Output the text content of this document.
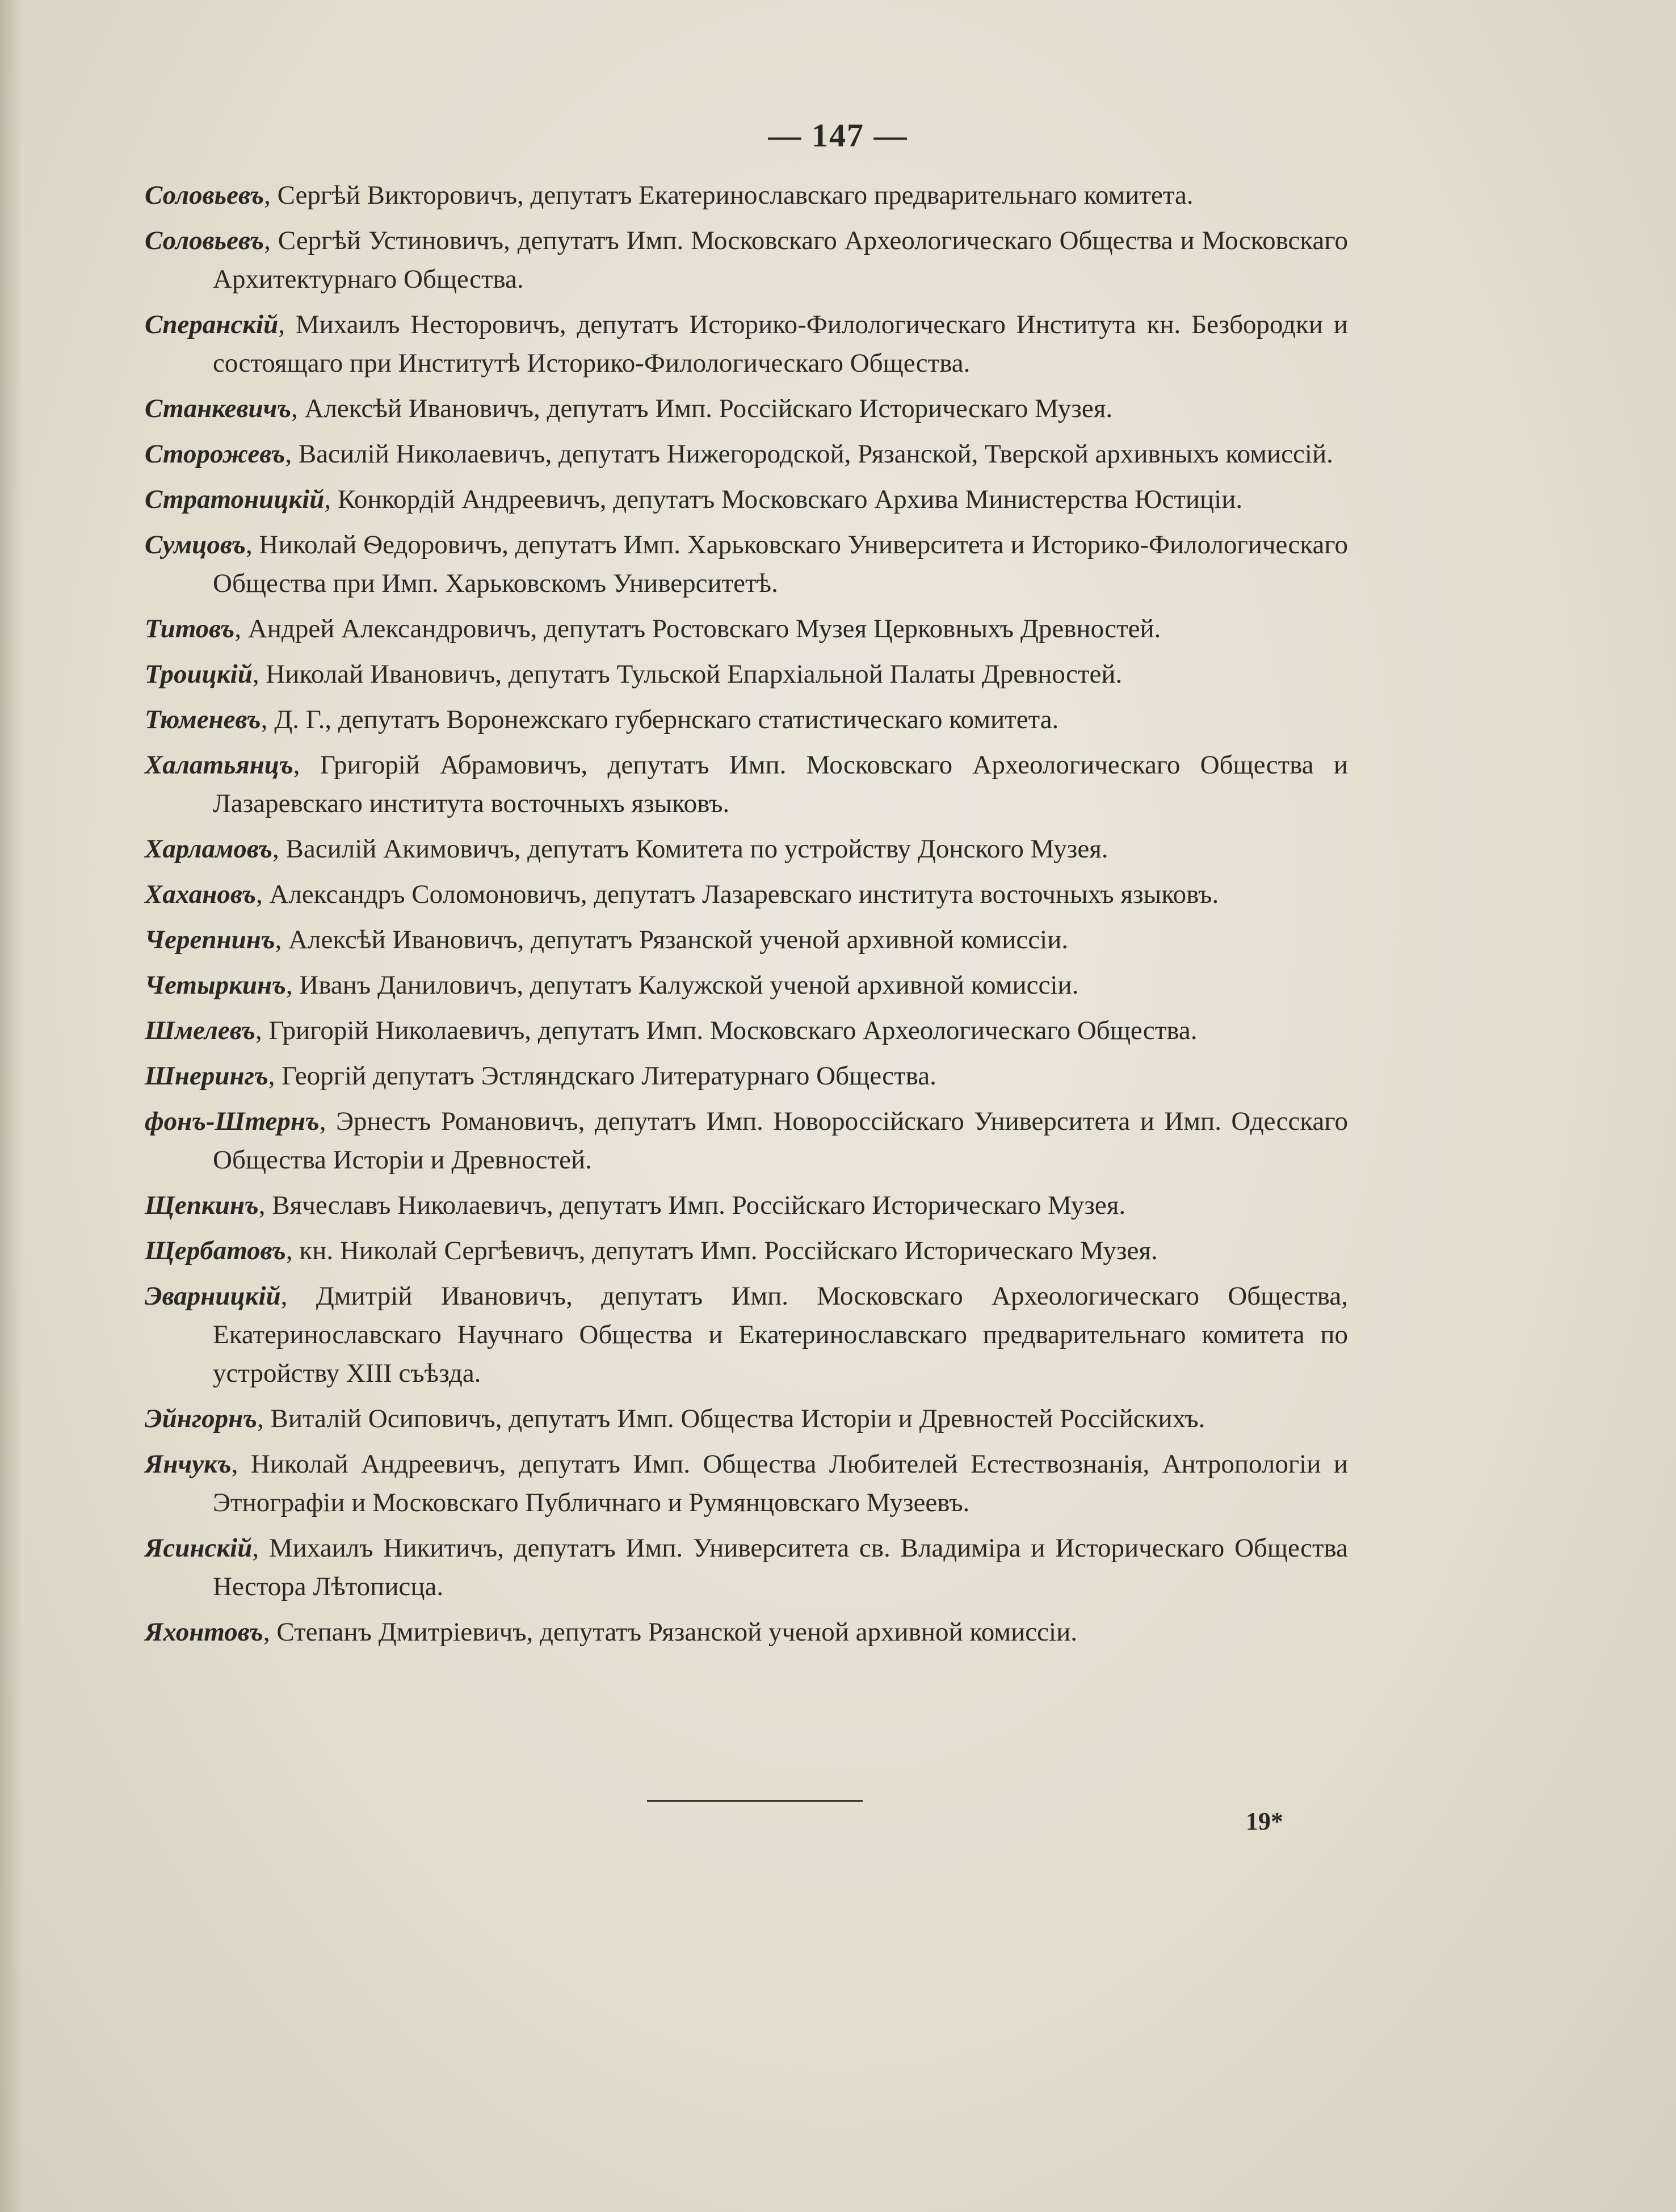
— 147 —

Соловьевъ, Сергѣй Викторовичъ, депутатъ Екатеринославскаго предварительнаго комитета.

Соловьевъ, Сергѣй Устиновичъ, депутатъ Имп. Московскаго Археологическаго Общества и Московскаго Архитектурнаго Общества.

Сперанскій, Михаилъ Несторовичъ, депутатъ Историко-Филологическаго Института кн. Безбородки и состоящаго при Институтѣ Историко-Филологическаго Общества.

Станкевичъ, Алексѣй Ивановичъ, депутатъ Имп. Россійскаго Историческаго Музея.

Сторожевъ, Василій Николаевичъ, депутатъ Нижегородской, Рязанской, Тверской архивныхъ комиссій.

Стратоницкій, Конкордій Андреевичъ, депутатъ Московскаго Архива Министерства Юстиціи.

Сумцовъ, Николай Ѳедоровичъ, депутатъ Имп. Харьковскаго Университета и Историко-Филологическаго Общества при Имп. Харьковскомъ Университетѣ.

Титовъ, Андрей Александровичъ, депутатъ Ростовскаго Музея Церковныхъ Древностей.

Троицкій, Николай Ивановичъ, депутатъ Тульской Епархіальной Палаты Древностей.

Тюменевъ, Д. Г., депутатъ Воронежскаго губернскаго статистическаго комитета.

Халатьянцъ, Григорій Абрамовичъ, депутатъ Имп. Московскаго Археологическаго Общества и Лазаревскаго института восточныхъ языковъ.

Харламовъ, Василій Акимовичъ, депутатъ Комитета по устройству Донского Музея.

Хахановъ, Александръ Соломоновичъ, депутатъ Лазаревскаго института восточныхъ языковъ.

Черепнинъ, Алексѣй Ивановичъ, депутатъ Рязанской ученой архивной комиссіи.

Четыркинъ, Иванъ Даниловичъ, депутатъ Калужской ученой архивной комиссіи.

Шмелевъ, Григорій Николаевичъ, депутатъ Имп. Московскаго Археологическаго Общества.

Шнерингъ, Георгій депутатъ Эстляндскаго Литературнаго Общества.

фонъ-Штернъ, Эрнестъ Романовичъ, депутатъ Имп. Новороссійскаго Университета и Имп. Одесскаго Общества Исторіи и Древностей.

Щепкинъ, Вячеславъ Николаевичъ, депутатъ Имп. Россійскаго Историческаго Музея.

Щербатовъ, кн. Николай Сергѣевичъ, депутатъ Имп. Россійскаго Историческаго Музея.

Эварницкій, Дмитрій Ивановичъ, депутатъ Имп. Московскаго Археологическаго Общества, Екатеринославскаго Научнаго Общества и Екатеринославскаго предварительнаго комитета по устройству XIII съѣзда.

Эйнгорнъ, Виталій Осиповичъ, депутатъ Имп. Общества Исторіи и Древностей Россійскихъ.

Янчукъ, Николай Андреевичъ, депутатъ Имп. Общества Любителей Естествознанія, Антропологіи и Этнографіи и Московскаго Публичнаго и Румянцовскаго Музеевъ.

Ясинскій, Михаилъ Никитичъ, депутатъ Имп. Университета св. Владиміра и Историческаго Общества Нестора Лѣтописца.

Яхонтовъ, Степанъ Дмитріевичъ, депутатъ Рязанской ученой архивной комиссіи.

19*
